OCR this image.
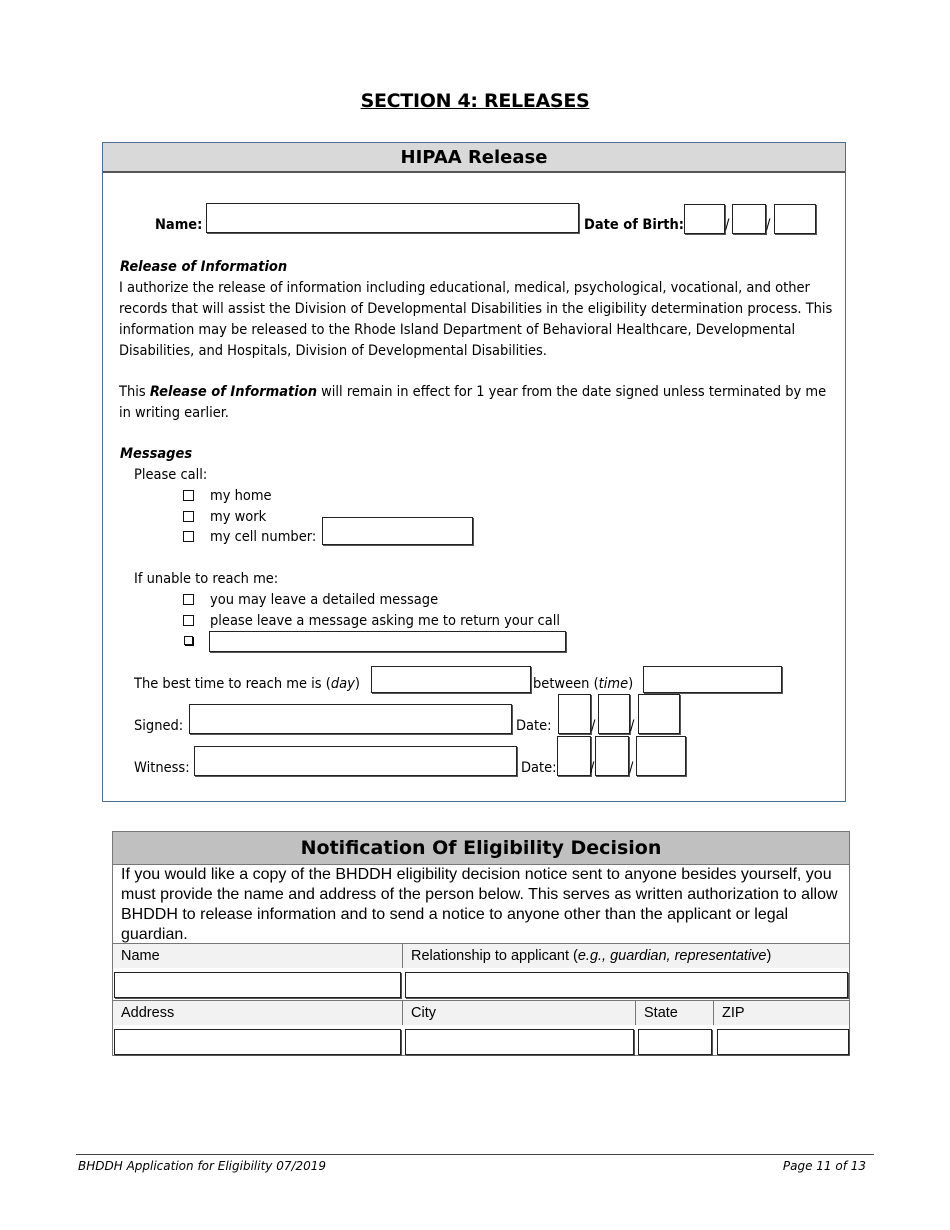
SECTION 4: RELEASES
HIPAA Release
Name:	Date of Birth:	/	/
Release of Information
I authorize the release of information including educational, medical, psychological, vocational, and other records that will assist the Division of Developmental Disabilities in the eligibility determination process. This information may be released to the Rhode Island Department of Behavioral Healthcare, Developmental Disabilities, and Hospitals, Division of Developmental Disabilities.
This Release of Information will remain in effect for 1 year from the date signed unless terminated by me in writing earlier.
Messages
Please call:
my home
my work
my cell number:
If unable to reach me:
you may leave a detailed message
please leave a message asking me to return your call
The best time to reach me is (day)	between (time)
Signed:	Date:	/ /
Witness:	Date: / /
Notification Of Eligibility Decision
If you would like a copy of the BHDDH eligibility decision notice sent to anyone besides yourself, you must provide the name and address of the person below. This serves as written authorization to allow BHDDH to release information and to send a notice to anyone other than the applicant or legal guardian.
Name	Relationship to applicant (e.g., guardian, representative)
Address	City	State	ZIP
BHDDH Application for Eligibility 07/2019	Page 11 of 13
